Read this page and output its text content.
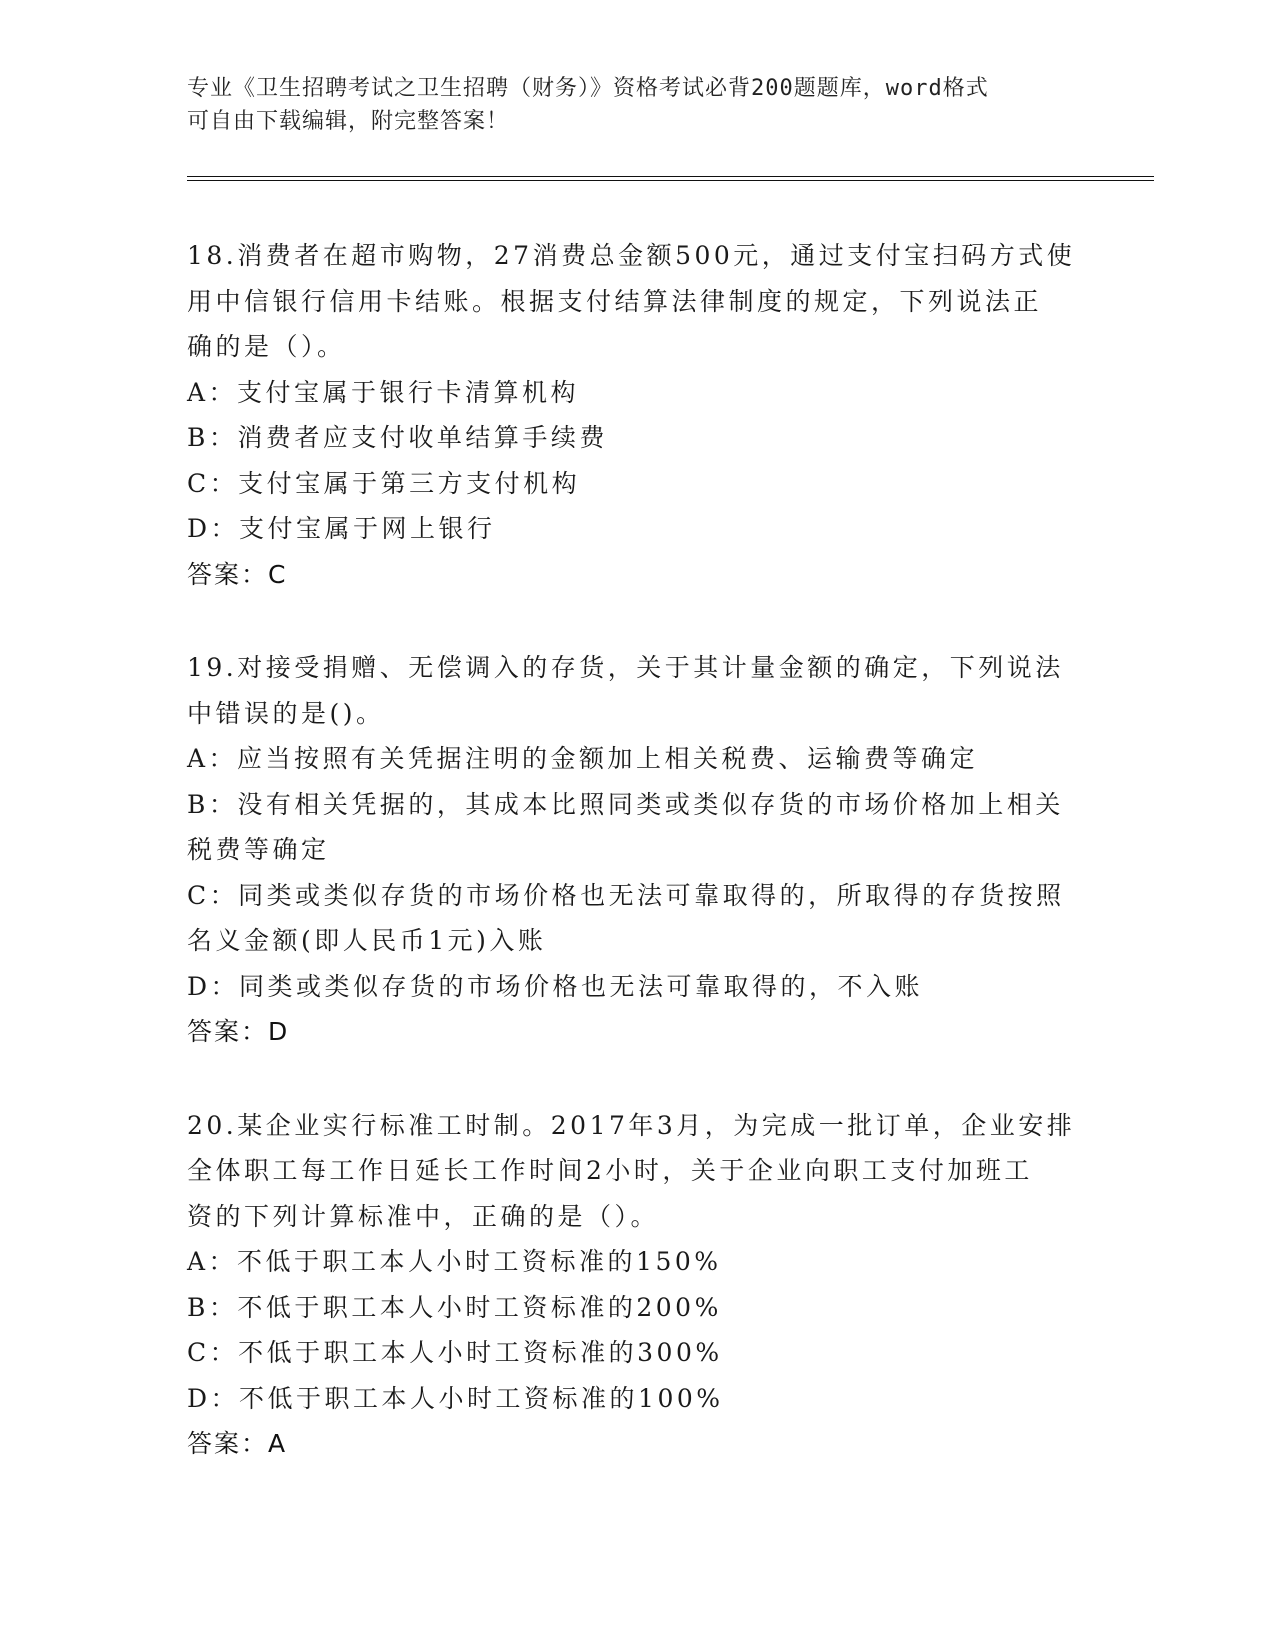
专业《卫生招聘考试之卫生招聘（财务）》资格考试必背200题题库，word格式
可自由下载编辑，附完整答案！
18.消费者在超市购物，27消费总金额500元，通过支付宝扫码方式使
用中信银行信用卡结账。根据支付结算法律制度的规定，下列说法正
确的是（）。
A：支付宝属于银行卡清算机构
B：消费者应支付收单结算手续费
C：支付宝属于第三方支付机构
D：支付宝属于网上银行
答案：C
19.对接受捐赠、无偿调入的存货，关于其计量金额的确定，下列说法
中错误的是()。
A：应当按照有关凭据注明的金额加上相关税费、运输费等确定
B：没有相关凭据的，其成本比照同类或类似存货的市场价格加上相关
税费等确定
C：同类或类似存货的市场价格也无法可靠取得的，所取得的存货按照
名义金额(即人民币1元)入账
D：同类或类似存货的市场价格也无法可靠取得的，不入账
答案：D
20.某企业实行标准工时制。2017年3月，为完成一批订单，企业安排
全体职工每工作日延长工作时间2小时，关于企业向职工支付加班工
资的下列计算标准中，正确的是（）。
A：不低于职工本人小时工资标准的150%
B：不低于职工本人小时工资标准的200%
C：不低于职工本人小时工资标准的300%
D：不低于职工本人小时工资标准的100%
答案：A
